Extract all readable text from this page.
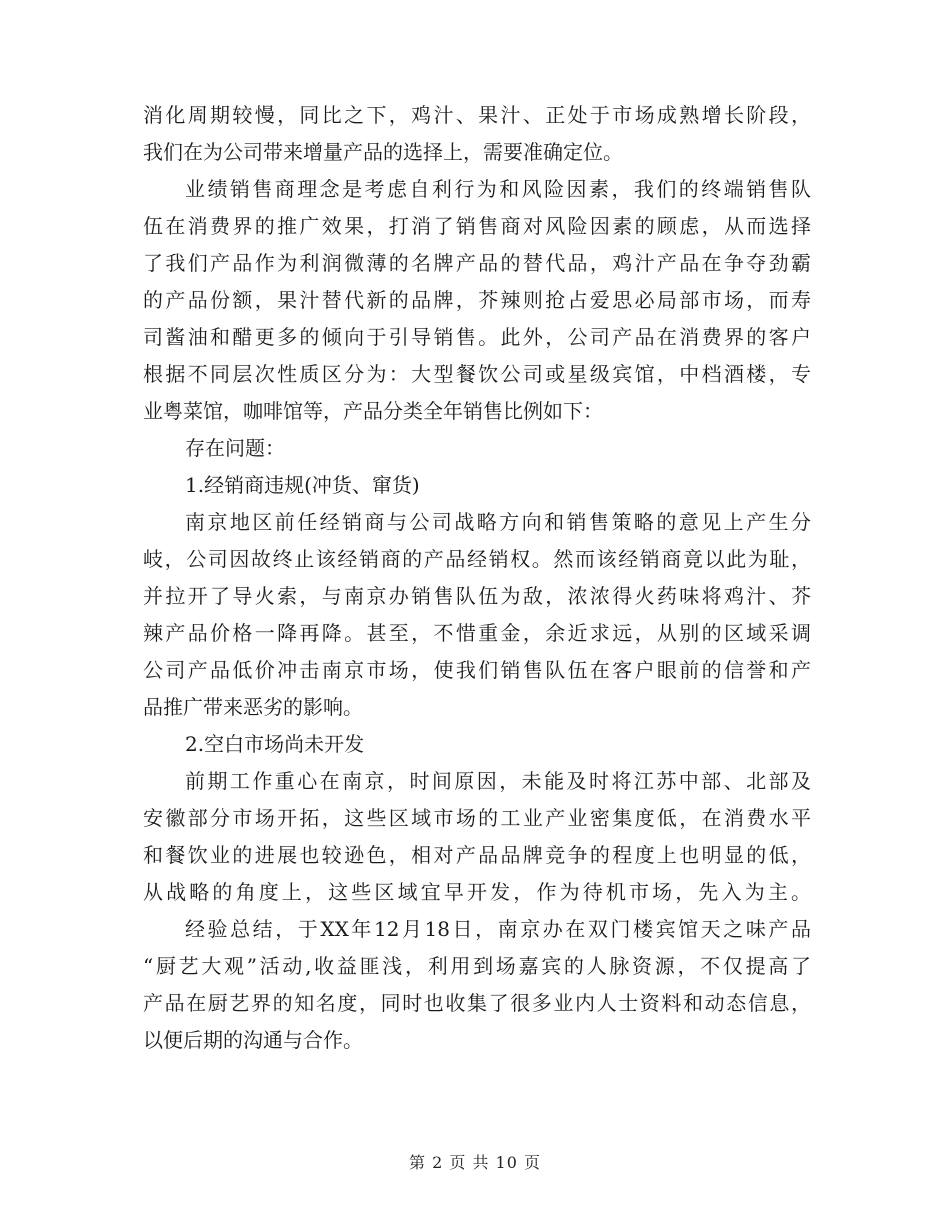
消化周期较慢，同比之下，鸡汁、果汁、正处于市场成熟增长阶段，
我们在为公司带来增量产品的选择上，需要准确定位。
业绩销售商理念是考虑自利行为和风险因素，我们的终端销售队
伍在消费界的推广效果，打消了销售商对风险因素的顾虑，从而选择
了我们产品作为利润微薄的名牌产品的替代品，鸡汁产品在争夺劲霸
的产品份额，果汁替代新的品牌，芥辣则抢占爱思必局部市场，而寿
司酱油和醋更多的倾向于引导销售。此外，公司产品在消费界的客户
根据不同层次性质区分为：大型餐饮公司或星级宾馆，中档酒楼，专
业粤菜馆，咖啡馆等，产品分类全年销售比例如下：
存在问题：
1.经销商违规(冲货、窜货)
南京地区前任经销商与公司战略方向和销售策略的意见上产生分
岐，公司因故终止该经销商的产品经销权。然而该经销商竟以此为耻，
并拉开了导火索，与南京办销售队伍为敌，浓浓得火药味将鸡汁、芥
辣产品价格一降再降。甚至，不惜重金，余近求远，从别的区域采调
公司产品低价冲击南京市场，使我们销售队伍在客户眼前的信誉和产
品推广带来恶劣的影响。
2.空白市场尚未开发
前期工作重心在南京，时间原因，未能及时将江苏中部、北部及
安徽部分市场开拓，这些区域市场的工业产业密集度低，在消费水平
和餐饮业的进展也较逊色，相对产品品牌竞争的程度上也明显的低，
从战略的角度上，这些区域宜早开发，作为待机市场，先入为主。
经验总结，于XX年12月18日，南京办在双门楼宾馆天之味产品
“厨艺大观”活动,收益匪浅，利用到场嘉宾的人脉资源，不仅提高了
产品在厨艺界的知名度，同时也收集了很多业内人士资料和动态信息，
以便后期的沟通与合作。
第 2 页 共 10 页
